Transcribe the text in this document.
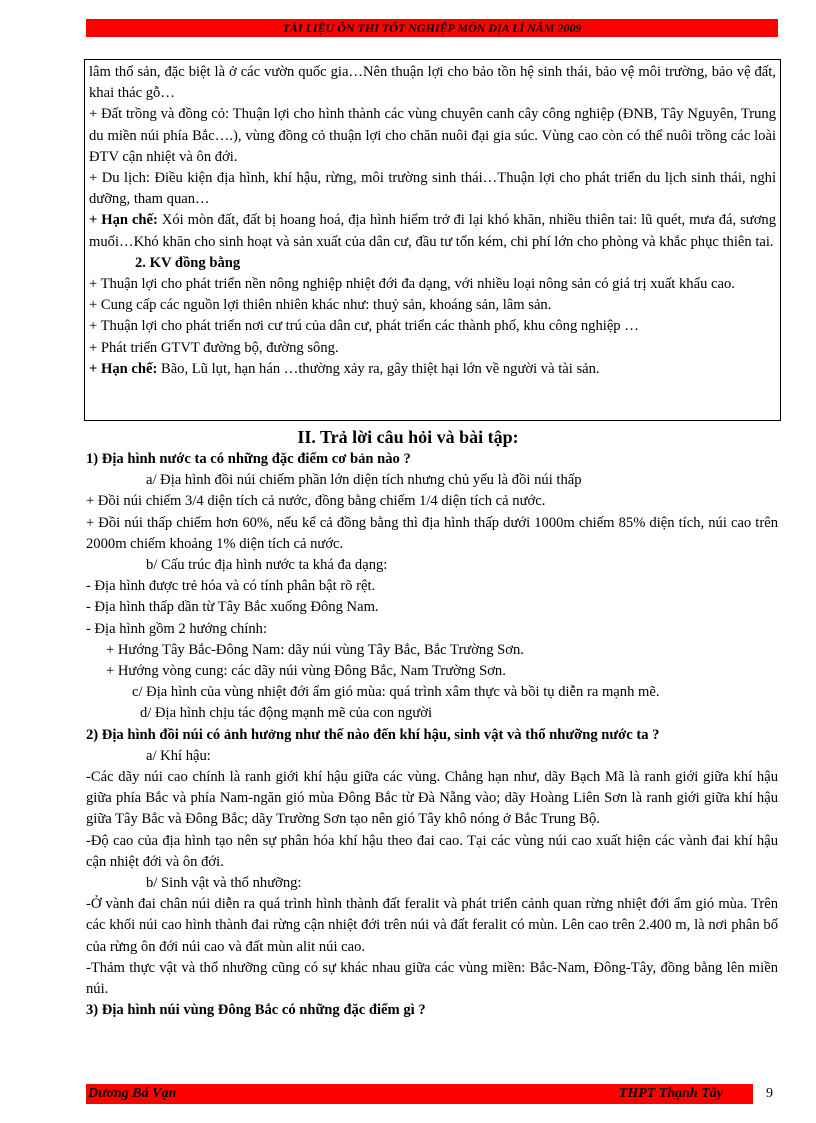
TÀI LIỆU ÔN THI TỐT NGHIỆP MÔN ĐỊA LÍ NĂM 2009

lâm thổ sản, đặc biệt là ở các vườn quốc gia…Nên thuận lợi cho bảo tồn hệ sinh thái, bảo vệ môi trường, bảo vệ đất, khai thác gỗ…

+ Đất trồng và đồng cỏ: Thuận lợi cho hình thành các vùng chuyên canh cây công nghiệp (ĐNB, Tây Nguyên, Trung du miền núi phía Bắc….), vùng đồng cỏ thuận lợi cho chăn nuôi đại gia súc. Vùng cao còn có thể nuôi trồng các loài ĐTV cận nhiệt và ôn đới.

+ Du lịch: Điều kiện địa hình, khí hậu, rừng, môi trường sinh thái…Thuận lợi cho phát triển du lịch sinh thái, nghỉ dưỡng, tham quan…

+ Hạn chế: Xói mòn đất, đất bị hoang hoá, địa hình hiểm trở đi lại khó khăn, nhiều thiên tai: lũ quét, mưa đá, sương muối…Khó khăn cho sinh hoạt và sản xuất của dân cư, đầu tư tốn kém, chi phí lớn cho phòng và khắc phục thiên tai.

2. KV đồng bằng

+ Thuận lợi cho phát triển nền nông nghiệp nhiệt đới đa dạng, với nhiều loại nông sản có giá trị xuất khẩu cao.

+ Cung cấp các nguồn lợi thiên nhiên khác như: thuỷ sản, khoáng sản, lâm sản.

+ Thuận lợi cho phát triển nơi cư trú của dân cư, phát triển các thành phố, khu công nghiệp …

+ Phát triển GTVT đường bộ, đường sông.

+ Hạn chế: Bão, Lũ lụt, hạn hán …thường xảy ra, gây thiệt hại lớn về người và tài sản.

II. Trả lời câu hỏi và bài tập:

1) Địa hình nước ta có những đặc điểm cơ bản nào ?

a/ Địa hình đồi núi chiếm phần lớn diện tích nhưng chủ yếu là đồi núi thấp

+ Đồi núi chiếm 3/4 diện tích cả nước, đồng bằng chiếm 1/4 diện tích cả nước.

+ Đồi núi thấp chiếm hơn 60%, nếu kể cả đồng bằng thì địa hình thấp dưới 1000m chiếm 85% diện tích, núi cao trên 2000m chiếm khoảng 1% diện tích cả nước.

b/ Cấu trúc địa hình nước ta khá đa dạng:

- Địa hình được trẻ hóa và có tính phân bật rõ rệt.

- Địa hình thấp dần từ Tây Bắc xuống Đông Nam.

- Địa hình gồm 2 hướng chính:

+ Hướng Tây Bắc-Đông Nam: dãy núi vùng Tây Bắc, Bắc Trường Sơn.

+ Hướng vòng cung: các dãy núi vùng Đông Bắc, Nam Trường Sơn.

c/ Địa hình của vùng nhiệt đới ẩm gió mùa: quá trình xâm thực và bồi tụ diễn ra mạnh mẽ.

d/ Địa hình chịu tác động mạnh mẽ của con người

2) Địa hình đồi núi có ảnh hưởng như thế nào đến khí hậu, sinh vật và thổ nhưỡng nước ta ?

a/ Khí hậu:

-Các dãy núi cao chính là ranh giới khí hậu giữa các vùng. Chẳng hạn như, dãy Bạch Mã là ranh giới giữa khí hậu giữa phía Bắc và phía Nam-ngăn gió mùa Đông Bắc từ Đà Nẵng vào; dãy Hoàng Liên Sơn là ranh giới giữa khí hậu giữa Tây Bắc và Đông Bắc; dãy Trường Sơn tạo nên gió Tây khô nóng ở Bắc Trung Bộ.

-Độ cao của địa hình tạo nên sự phân hóa khí hậu theo đai cao. Tại các vùng núi cao xuất hiện các vành đai khí hậu cận nhiệt đới và ôn đới.

b/ Sinh vật và thổ nhưỡng:

-Ở vành đai chân núi diễn ra quá trình hình thành đất feralit và phát triển cảnh quan rừng nhiệt đới ẩm gió mùa. Trên các khối núi cao hình thành đai rừng cận nhiệt đới trên núi và đất feralit có mùn. Lên cao trên 2.400 m, là nơi phân bố của rừng ôn đới núi cao và đất mùn alit núi cao.

-Thảm thực vật và thổ nhưỡng cũng có sự khác nhau giữa các vùng miền: Bắc-Nam, Đông-Tây, đồng bằng lên miền núi.

3) Địa hình núi vùng Đông Bắc có những đặc điểm gì ?

Dương Bá Vạn	THPT Thạnh Tây	9
